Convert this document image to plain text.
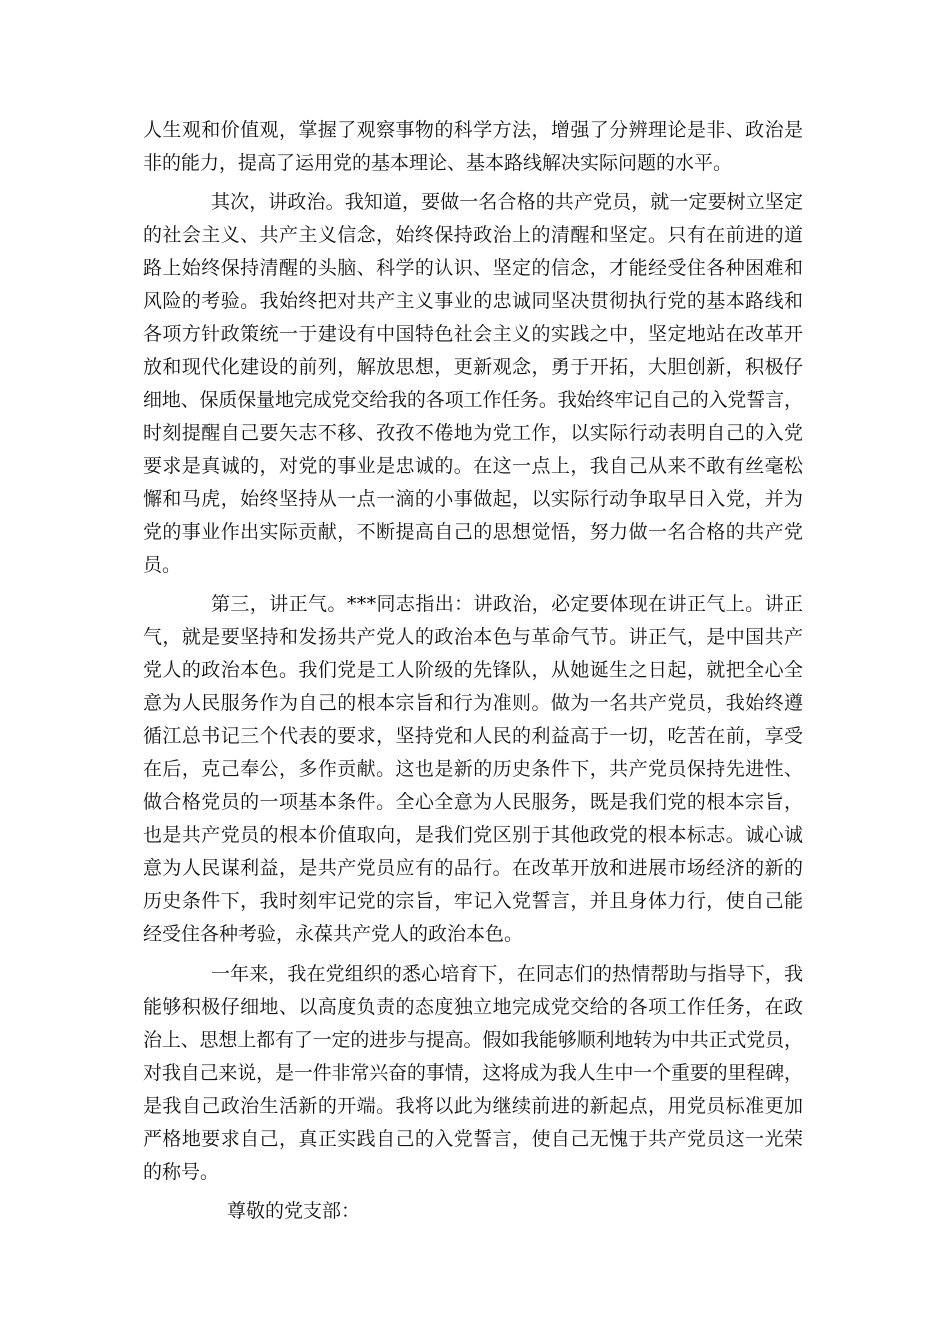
人生观和价值观，掌握了观察事物的科学方法，增强了分辨理论是非、政治是
非的能力，提高了运用党的基本理论、基本路线解决实际问题的水平。
其次，讲政治。我知道，要做一名合格的共产党员，就一定要树立坚定
的社会主义、共产主义信念，始终保持政治上的清醒和坚定。只有在前进的道
路上始终保持清醒的头脑、科学的认识、坚定的信念，才能经受住各种困难和
风险的考验。我始终把对共产主义事业的忠诚同坚决贯彻执行党的基本路线和
各项方针政策统一于建设有中国特色社会主义的实践之中，坚定地站在改革开
放和现代化建设的前列，解放思想，更新观念，勇于开拓，大胆创新，积极仔
细地、保质保量地完成党交给我的各项工作任务。我始终牢记自己的入党誓言，
时刻提醒自己要矢志不移、孜孜不倦地为党工作，以实际行动表明自己的入党
要求是真诚的，对党的事业是忠诚的。在这一点上，我自己从来不敢有丝毫松
懈和马虎，始终坚持从一点一滴的小事做起，以实际行动争取早日入党，并为
党的事业作出实际贡献，不断提高自己的思想觉悟，努力做一名合格的共产党
员。
第三，讲正气。***同志指出：讲政治，必定要体现在讲正气上。讲正
气，就是要坚持和发扬共产党人的政治本色与革命气节。讲正气，是中国共产
党人的政治本色。我们党是工人阶级的先锋队，从她诞生之日起，就把全心全
意为人民服务作为自己的根本宗旨和行为准则。做为一名共产党员，我始终遵
循江总书记三个代表的要求，坚持党和人民的利益高于一切，吃苦在前，享受
在后，克己奉公，多作贡献。这也是新的历史条件下，共产党员保持先进性、
做合格党员的一项基本条件。全心全意为人民服务，既是我们党的根本宗旨，
也是共产党员的根本价值取向，是我们党区别于其他政党的根本标志。诚心诚
意为人民谋利益，是共产党员应有的品行。在改革开放和进展市场经济的新的
历史条件下，我时刻牢记党的宗旨，牢记入党誓言，并且身体力行，使自己能
经受住各种考验，永葆共产党人的政治本色。
一年来，我在党组织的悉心培育下，在同志们的热情帮助与指导下，我
能够积极仔细地、以高度负责的态度独立地完成党交给的各项工作任务，在政
治上、思想上都有了一定的进步与提高。假如我能够顺利地转为中共正式党员，
对我自己来说，是一件非常兴奋的事情，这将成为我人生中一个重要的里程碑，
是我自己政治生活新的开端。我将以此为继续前进的新起点，用党员标准更加
严格地要求自己，真正实践自己的入党誓言，使自己无愧于共产党员这一光荣
的称号。
尊敬的党支部：
